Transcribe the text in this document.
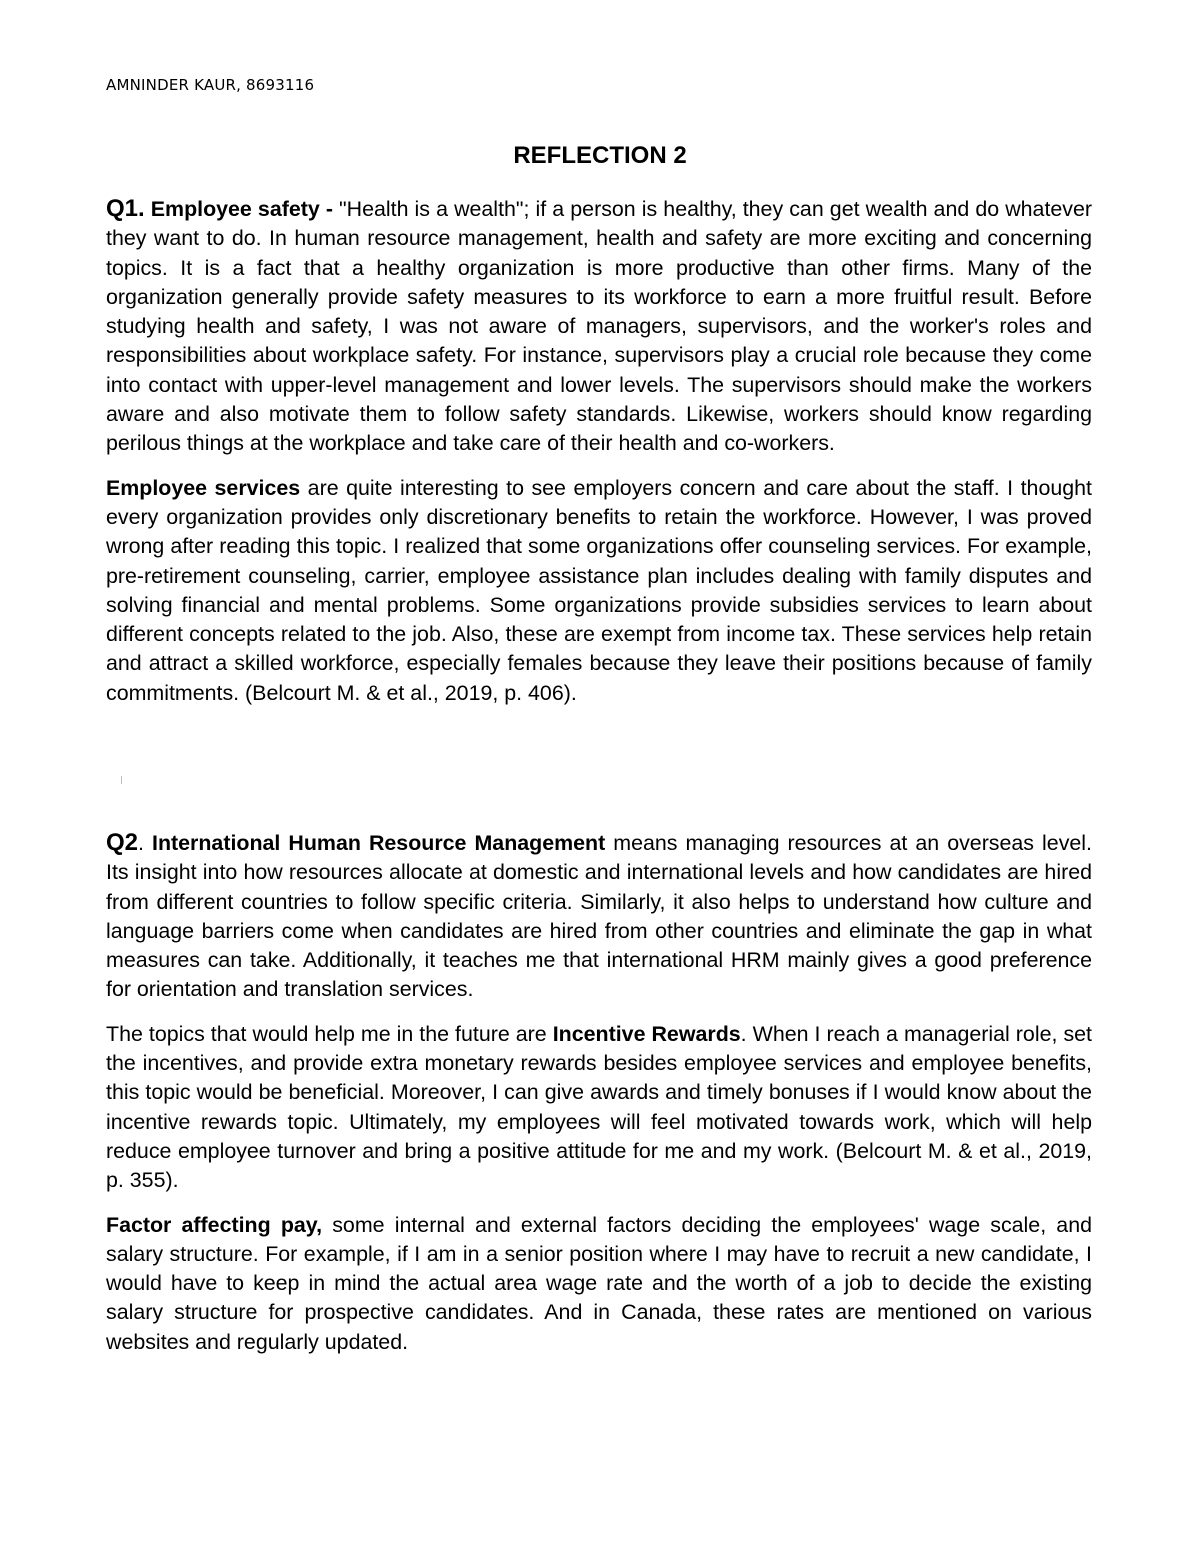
AMNINDER KAUR, 8693116
REFLECTION 2

Q1. Employee safety - "Health is a wealth"; if a person is healthy, they can get wealth and do whatever they want to do. In human resource management, health and safety are more exciting and concerning topics. It is a fact that a healthy organization is more productive than other firms. Many of the organization generally provide safety measures to its workforce to earn a more fruitful result. Before studying health and safety, I was not aware of managers, supervisors, and the worker's roles and responsibilities about workplace safety. For instance, supervisors play a crucial role because they come into contact with upper-level management and lower levels. The supervisors should make the workers aware and also motivate them to follow safety standards. Likewise, workers should know regarding perilous things at the workplace and take care of their health and co-workers.

Employee services are quite interesting to see employers concern and care about the staff. I thought every organization provides only discretionary benefits to retain the workforce. However, I was proved wrong after reading this topic. I realized that some organizations offer counseling services. For example, pre-retirement counseling, carrier, employee assistance plan includes dealing with family disputes and solving financial and mental problems. Some organizations provide subsidies services to learn about different concepts related to the job. Also, these are exempt from income tax. These services help retain and attract a skilled workforce, especially females because they leave their positions because of family commitments. (Belcourt M. & et al., 2019, p. 406).

Q2. International Human Resource Management means managing resources at an overseas level. Its insight into how resources allocate at domestic and international levels and how candidates are hired from different countries to follow specific criteria. Similarly, it also helps to understand how culture and language barriers come when candidates are hired from other countries and eliminate the gap in what measures can take. Additionally, it teaches me that international HRM mainly gives a good preference for orientation and translation services.

The topics that would help me in the future are Incentive Rewards. When I reach a managerial role, set the incentives, and provide extra monetary rewards besides employee services and employee benefits, this topic would be beneficial. Moreover, I can give awards and timely bonuses if I would know about the incentive rewards topic. Ultimately, my employees will feel motivated towards work, which will help reduce employee turnover and bring a positive attitude for me and my work. (Belcourt M. & et al., 2019, p. 355).

Factor affecting pay, some internal and external factors deciding the employees' wage scale, and salary structure. For example, if I am in a senior position where I may have to recruit a new candidate, I would have to keep in mind the actual area wage rate and the worth of a job to decide the existing salary structure for prospective candidates. And in Canada, these rates are mentioned on various websites and regularly updated.
